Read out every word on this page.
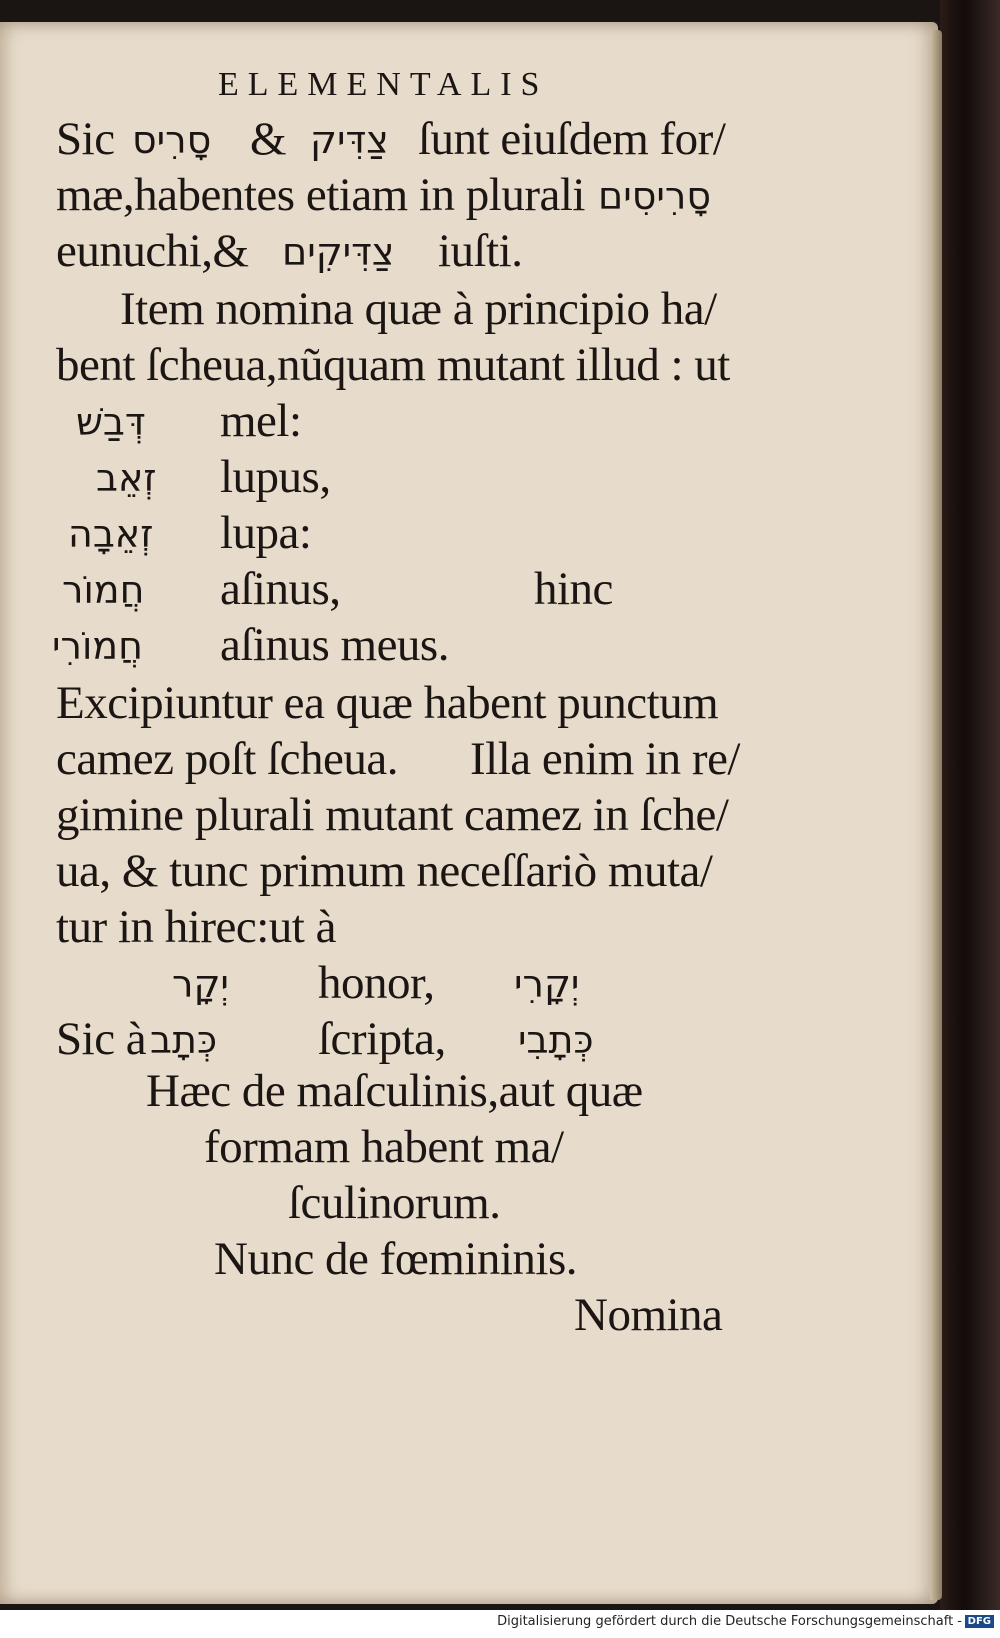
ELEMENTALIS
Sic סָרִיס & צַדִּיק ſunt eiuſdem for/
mæ,habentes etiam in plurali סָרִיסִים
eunuchi,& צַדִּיקִים iuſti.
Item nomina quæ à principio ha/
bent ſcheua,nũquam mutant illud : ut
דְּבַשׁ mel:
זְאֵב lupus,
זְאֵבָה lupa:
חֲמוֹר aſinus,	hinc
חֲמוֹרִי aſinus meus.
Excipiuntur ea quæ habent punctum
camez poſt ſcheua. Illa enim in re/
gimine plurali mutant camez in ſche/
ua, & tunc primum neceſſariò muta/
tur in hirec:ut à
יְקָר honor, יְקָרִי
Sic à כְּתָב ſcripta, כְּתָבִי
Hæc de maſculinis,aut quæ
formam habent ma/
ſculinorum.
Nunc de fœmininis.
Nomina
Digitalisierung gefördert durch die Deutsche Forschungsgemeinschaft - DFG
